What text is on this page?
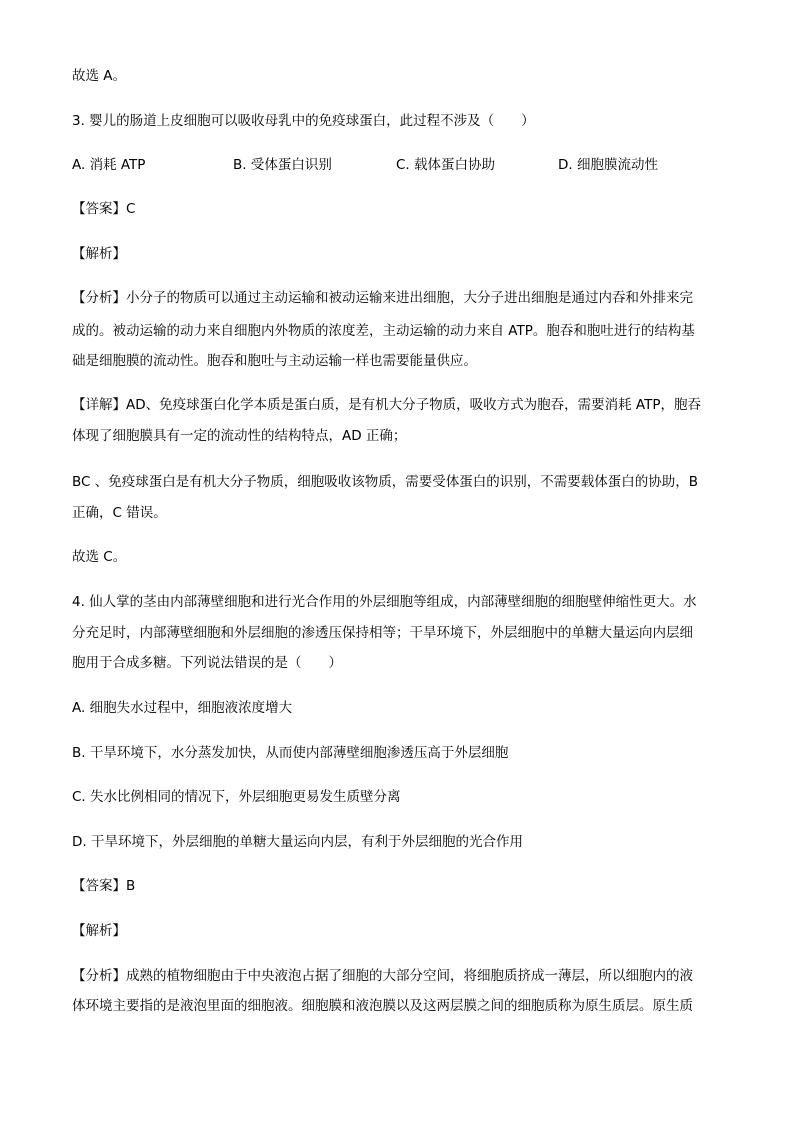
故选 A。
3. 婴儿的肠道上皮细胞可以吸收母乳中的免疫球蛋白，此过程不涉及（　　）
A. 消耗 ATP	B. 受体蛋白识别	C. 载体蛋白协助	D. 细胞膜流动性
【答案】C
【解析】
【分析】小分子的物质可以通过主动运输和被动运输来进出细胞，大分子进出细胞是通过内吞和外排来完
成的。被动运输的动力来自细胞内外物质的浓度差，主动运输的动力来自 ATP。胞吞和胞吐进行的结构基
础是细胞膜的流动性。胞吞和胞吐与主动运输一样也需要能量供应。
【详解】AD、免疫球蛋白化学本质是蛋白质，是有机大分子物质，吸收方式为胞吞，需要消耗 ATP，胞吞
体现了细胞膜具有一定的流动性的结构特点，AD 正确；
BC 、免疫球蛋白是有机大分子物质，细胞吸收该物质，需要受体蛋白的识别，不需要载体蛋白的协助，B
正确，C 错误。
故选 C。
4. 仙人掌的茎由内部薄壁细胞和进行光合作用的外层细胞等组成，内部薄壁细胞的细胞壁伸缩性更大。水
分充足时，内部薄壁细胞和外层细胞的渗透压保持相等；干旱环境下，外层细胞中的单糖大量运向内层细
胞用于合成多糖。下列说法错误的是（　　）
A. 细胞失水过程中，细胞液浓度增大
B. 干旱环境下，水分蒸发加快，从而使内部薄壁细胞渗透压高于外层细胞
C. 失水比例相同的情况下，外层细胞更易发生质壁分离
D. 干旱环境下，外层细胞的单糖大量运向内层，有利于外层细胞的光合作用
【答案】B
【解析】
【分析】成熟的植物细胞由于中央液泡占据了细胞的大部分空间，将细胞质挤成一薄层，所以细胞内的液
体环境主要指的是液泡里面的细胞液。细胞膜和液泡膜以及这两层膜之间的细胞质称为原生质层。原生质
